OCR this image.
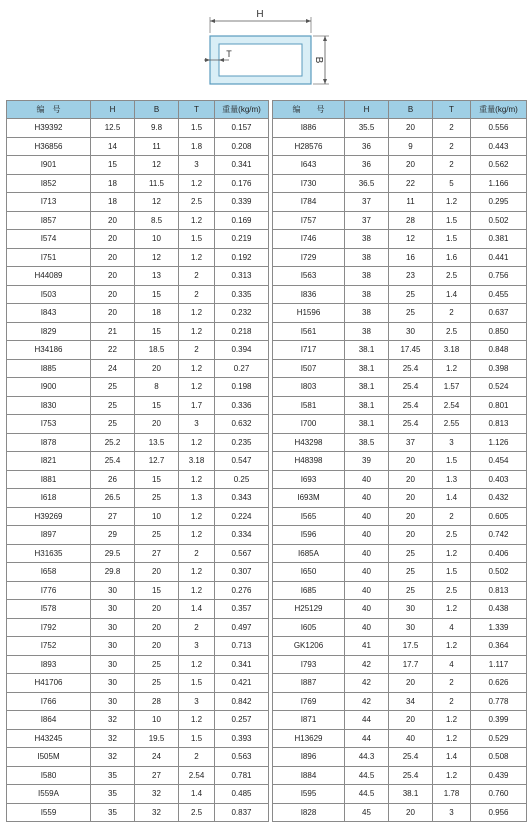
H
B
T
编　号	H	B	T	重量(kg/m)
H39392	12.5	9.8	1.5	0.157
H36856	14	11	1.8	0.208
I901	15	12	3	0.341
I852	18	11.5	1.2	0.176
I713	18	12	2.5	0.339
I857	20	8.5	1.2	0.169
I574	20	10	1.5	0.219
I751	20	12	1.2	0.192
H44089	20	13	2	0.313
I503	20	15	2	0.335
I843	20	18	1.2	0.232
I829	21	15	1.2	0.218
H34186	22	18.5	2	0.394
I885	24	20	1.2	0.27
I900	25	8	1.2	0.198
I830	25	15	1.7	0.336
I753	25	20	3	0.632
I878	25.2	13.5	1.2	0.235
I821	25.4	12.7	3.18	0.547
I881	26	15	1.2	0.25
I618	26.5	25	1.3	0.343
H39269	27	10	1.2	0.224
I897	29	25	1.2	0.334
H31635	29.5	27	2	0.567
I658	29.8	20	1.2	0.307
I776	30	15	1.2	0.276
I578	30	20	1.4	0.357
I792	30	20	2	0.497
I752	30	20	3	0.713
I893	30	25	1.2	0.341
H41706	30	25	1.5	0.421
I766	30	28	3	0.842
I864	32	10	1.2	0.257
H43245	32	19.5	1.5	0.393
I505M	32	24	2	0.563
I580	35	27	2.54	0.781
I559A	35	32	1.4	0.485
I559	35	32	2.5	0.837
编　　号	H	B	T	重量(kg/m)
I886	35.5	20	2	0.556
H28576	36	9	2	0.443
I643	36	20	2	0.562
I730	36.5	22	5	1.166
I784	37	11	1.2	0.295
I757	37	28	1.5	0.502
I746	38	12	1.5	0.381
I729	38	16	1.6	0.441
I563	38	23	2.5	0.756
I836	38	25	1.4	0.455
H1596	38	25	2	0.637
I561	38	30	2.5	0.850
I717	38.1	17.45	3.18	0.848
I507	38.1	25.4	1.2	0.398
I803	38.1	25.4	1.57	0.524
I581	38.1	25.4	2.54	0.801
I700	38.1	25.4	2.55	0.813
H43298	38.5	37	3	1.126
H48398	39	20	1.5	0.454
I693	40	20	1.3	0.403
I693M	40	20	1.4	0.432
I565	40	20	2	0.605
I596	40	20	2.5	0.742
I685A	40	25	1.2	0.406
I650	40	25	1.5	0.502
I685	40	25	2.5	0.813
H25129	40	30	1.2	0.438
I605	40	30	4	1.339
GK1206	41	17.5	1.2	0.364
I793	42	17.7	4	1.117
I887	42	20	2	0.626
I769	42	34	2	0.778
I871	44	20	1.2	0.399
H13629	44	40	1.2	0.529
I896	44.3	25.4	1.4	0.508
I884	44.5	25.4	1.2	0.439
I595	44.5	38.1	1.78	0.760
I828	45	20	3	0.956
